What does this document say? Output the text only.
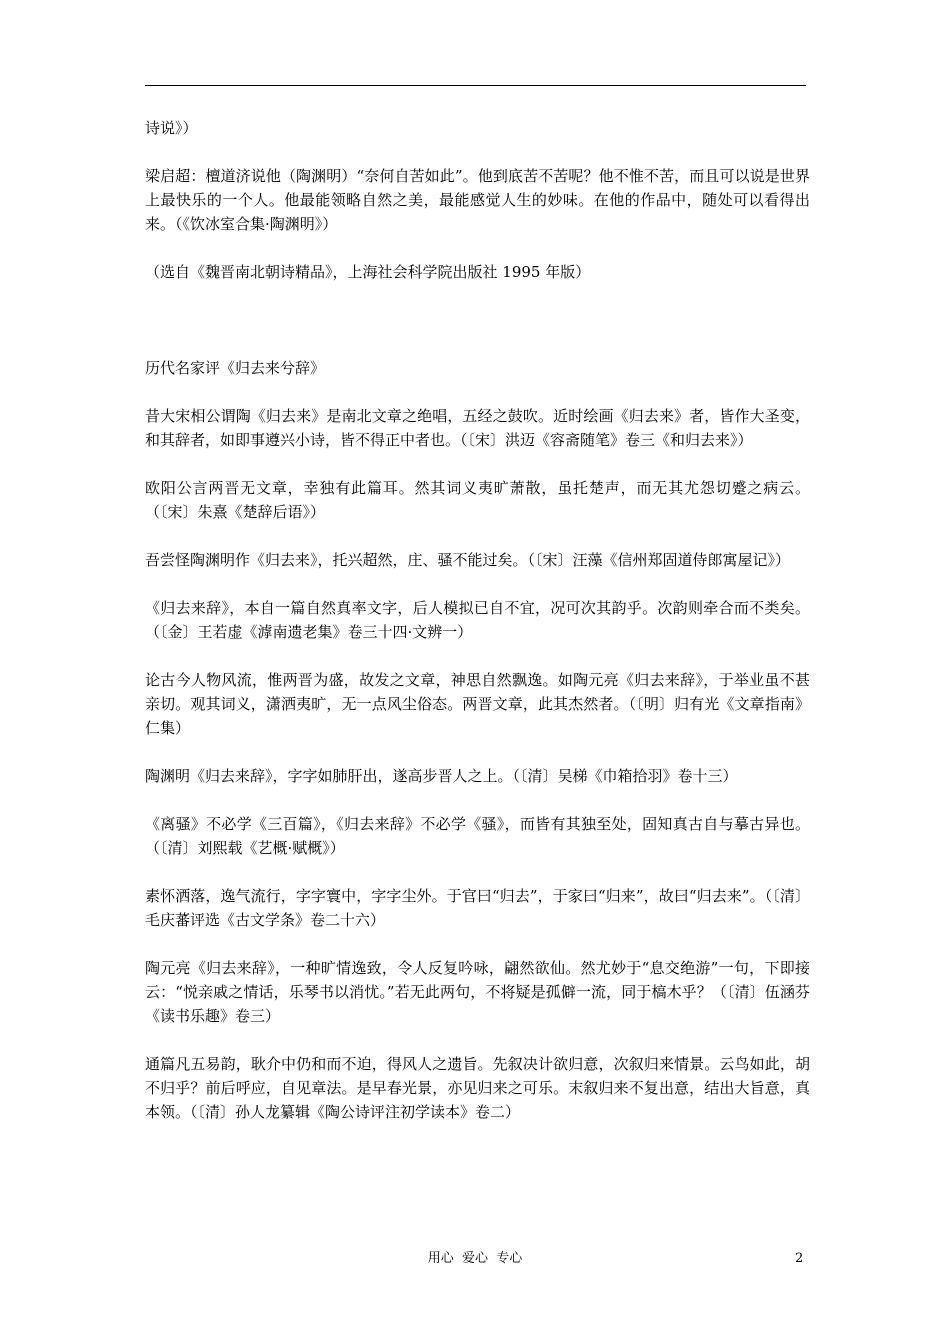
诗说》）

梁启超：檀道济说他（陶渊明）“奈何自苦如此”。他到底苦不苦呢？他不惟不苦，而且可以说是世界上最快乐的一个人。他最能领略自然之美，最能感觉人生的妙味。在他的作品中，随处可以看得出来。（《饮冰室合集·陶渊明》）

（选自《魏晋南北朝诗精品》，上海社会科学院出版社 1995 年版）

历代名家评《归去来兮辞》

昔大宋相公谓陶《归去来》是南北文章之绝唱，五经之鼓吹。近时绘画《归去来》者，皆作大圣变，和其辞者，如即事遵兴小诗，皆不得正中者也。（〔宋〕洪迈《容斋随笔》卷三《和归去来》）

欧阳公言两晋无文章，幸独有此篇耳。然其词义夷旷萧散，虽托楚声，而无其尤怨切蹙之病云。（〔宋〕朱熹《楚辞后语》）

吾尝怪陶渊明作《归去来》，托兴超然，庄、骚不能过矣。（〔宋〕汪藻《信州郑固道侍郎寓屋记》）

《归去来辞》，本自一篇自然真率文字，后人模拟已自不宜，况可次其韵乎。次韵则牵合而不类矣。（〔金〕王若虚《滹南遗老集》卷三十四·文辨一）

论古今人物风流，惟两晋为盛，故发之文章，神思自然飘逸。如陶元亮《归去来辞》，于举业虽不甚亲切。观其词义，潇洒夷旷，无一点风尘俗态。两晋文章，此其杰然者。（〔明〕归有光《文章指南》仁集）

陶渊明《归去来辞》，字字如肺肝出，遂高步晋人之上。（〔清〕吴梯《巾箱拾羽》卷十三）

《离骚》不必学《三百篇》，《归去来辞》不必学《骚》，而皆有其独至处，固知真古自与摹古异也。（〔清〕刘熙载《艺概·赋概》）

素怀洒落，逸气流行，字字寰中，字字尘外。于官曰“归去”，于家曰“归来”，故曰“归去来”。（〔清〕毛庆蕃评选《古文学条》卷二十六）

陶元亮《归去来辞》，一种旷情逸致，令人反复吟咏，翩然欲仙。然尤妙于“息交绝游”一句，下即接云：“悦亲戚之情话，乐琴书以消忧。”若无此两句，不将疑是孤僻一流，同于槁木乎？（〔清〕伍涵芬《读书乐趣》卷三）

通篇凡五易韵，耿介中仍和而不迫，得风人之遗旨。先叙决计欲归意，次叙归来情景。云鸟如此，胡不归乎？前后呼应，自见章法。是早春光景，亦见归来之可乐。末叙归来不复出意，结出大旨意，真本领。（〔清〕孙人龙纂辑《陶公诗评注初学读本》卷二）

用心  爱心  专心	2
